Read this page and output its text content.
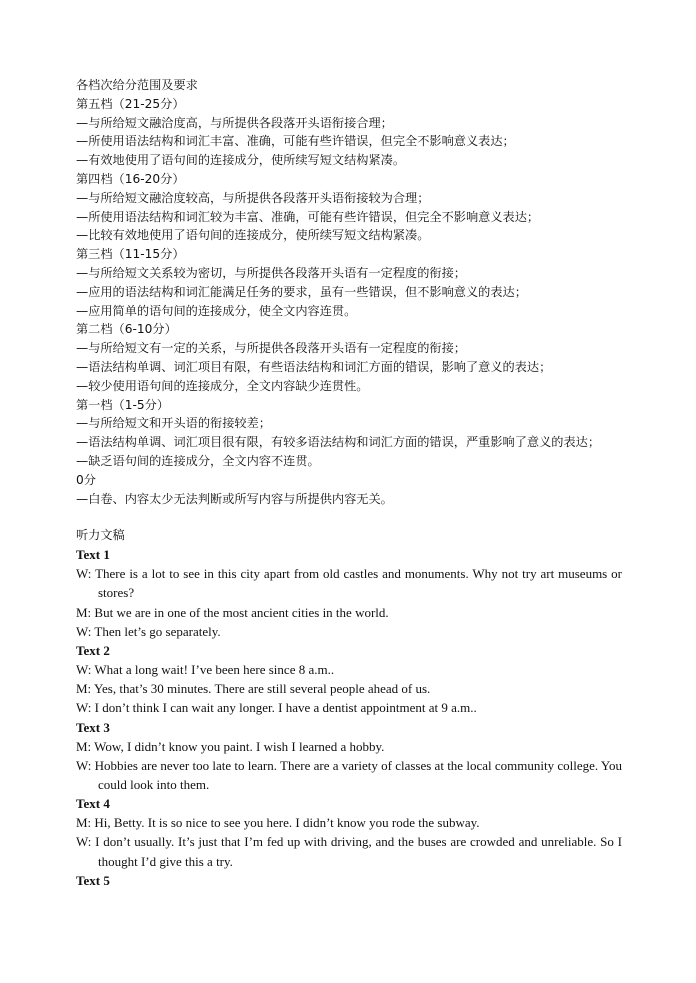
各档次给分范围及要求
第五档（21-25分）
—与所给短文融洽度高，与所提供各段落开头语衔接合理；
—所使用语法结构和词汇丰富、准确，可能有些许错误，但完全不影响意义表达；
—有效地使用了语句间的连接成分，使所续写短文结构紧凑。
第四档（16-20分）
—与所给短文融洽度较高，与所提供各段落开头语衔接较为合理；
—所使用语法结构和词汇较为丰富、准确，可能有些许错误，但完全不影响意义表达；
—比较有效地使用了语句间的连接成分，使所续写短文结构紧凑。
第三档（11-15分）
—与所给短文关系较为密切，与所提供各段落开头语有一定程度的衔接；
—应用的语法结构和词汇能满足任务的要求，虽有一些错误，但不影响意义的表达；
—应用简单的语句间的连接成分，使全文内容连贯。
第二档（6-10分）
—与所给短文有一定的关系，与所提供各段落开头语有一定程度的衔接；
—语法结构单调、词汇项目有限，有些语法结构和词汇方面的错误，影响了意义的表达；
—较少使用语句间的连接成分，全文内容缺少连贯性。
第一档（1-5分）
—与所给短文和开头语的衔接较差；
—语法结构单调、词汇项目很有限，有较多语法结构和词汇方面的错误，严重影响了意义的表达；
—缺乏语句间的连接成分，全文内容不连贯。
0分
—白卷、内容太少无法判断或所写内容与所提供内容无关。
听力文稿
Text 1
W: There is a lot to see in this city apart from old castles and monuments. Why not try art museums or stores?
M: But we are in one of the most ancient cities in the world.
W: Then let’s go separately.
Text 2
W: What a long wait! I’ve been here since 8 a.m..
M: Yes, that’s 30 minutes. There are still several people ahead of us.
W: I don’t think I can wait any longer. I have a dentist appointment at 9 a.m..
Text 3
M: Wow, I didn’t know you paint. I wish I learned a hobby.
W: Hobbies are never too late to learn. There are a variety of classes at the local community college. You could look into them.
Text 4
M: Hi, Betty. It is so nice to see you here. I didn’t know you rode the subway.
W: I don’t usually. It’s just that I’m fed up with driving, and the buses are crowded and unreliable. So I thought I’d give this a try.
Text 5
